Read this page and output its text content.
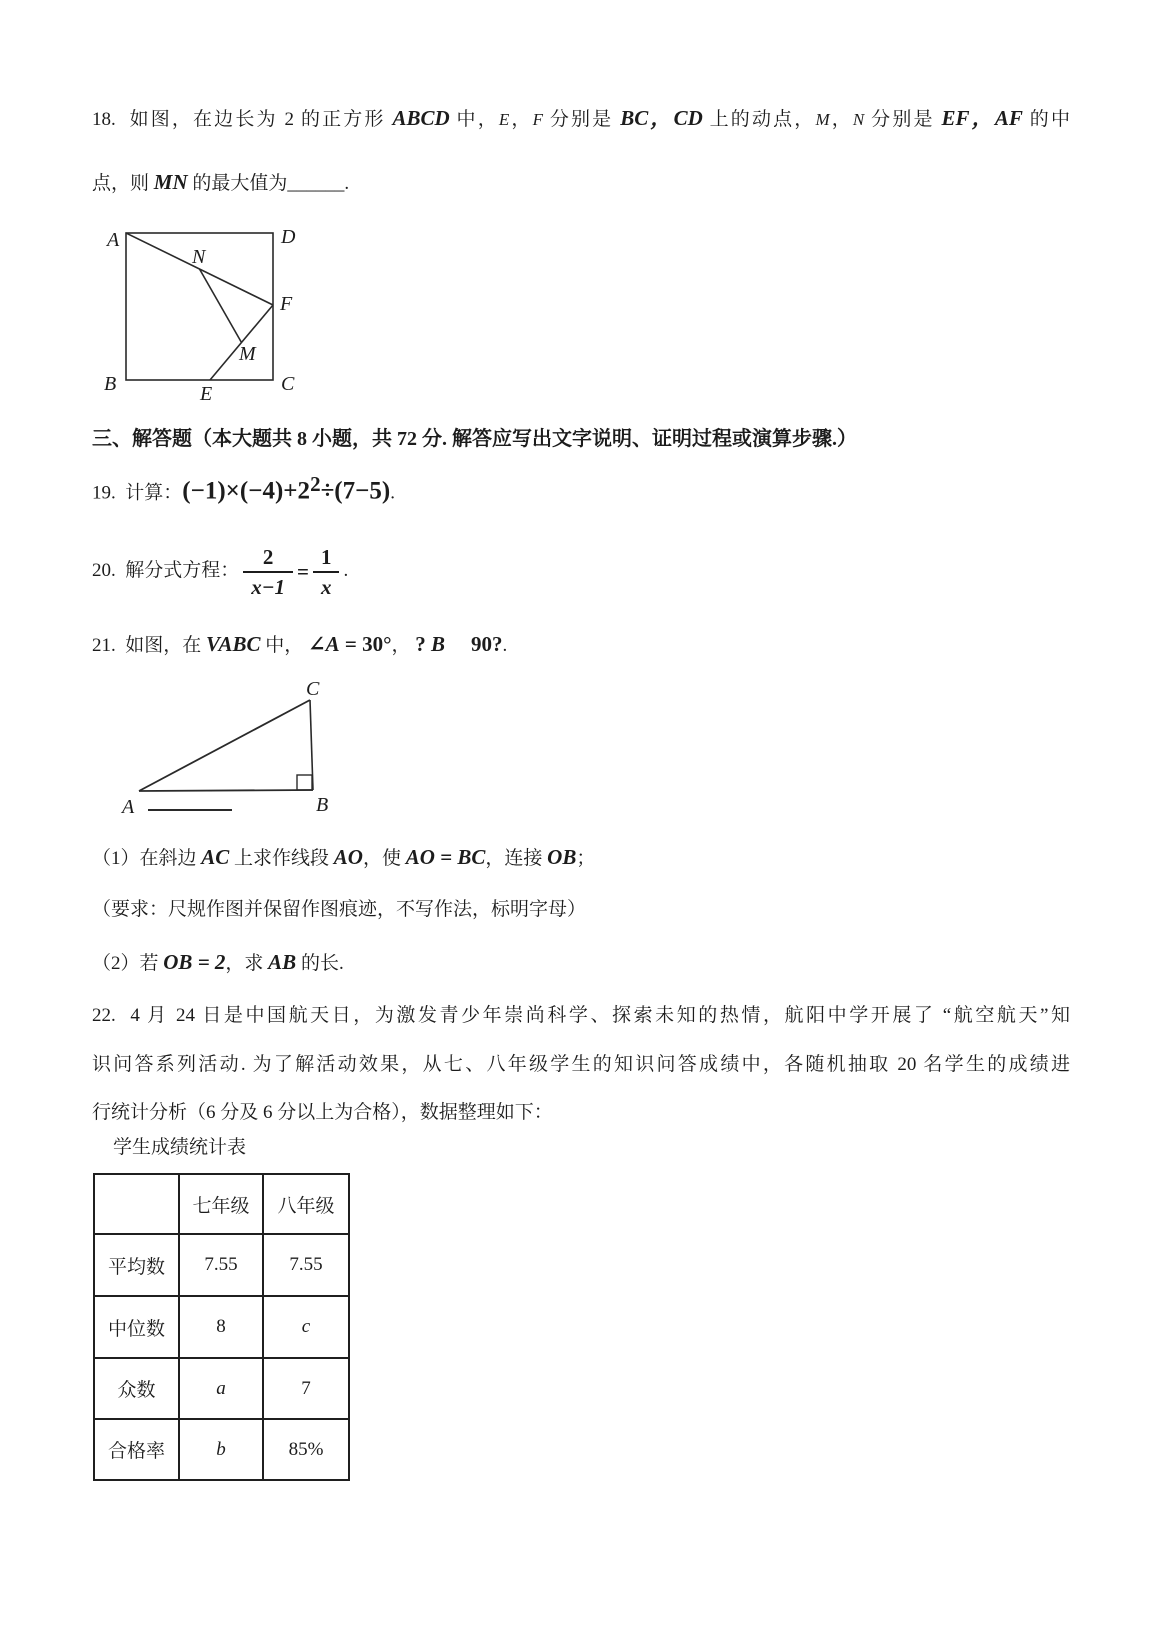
18. 如图，在边长为 2 的正方形 ABCD 中，E，F 分别是 BC，CD 上的动点，M，N 分别是 EF，AF 的中
点，则 MN 的最大值为______.
A	D
B	C
N
F
M
E
三、解答题（本大题共 8 小题，共 72 分. 解答应写出文字说明、证明过程或演算步骤.）
19. 计算：$(-1)\times(-4)+2^2\div(7-5)$.
20. 解分式方程： $\frac{2}{x-1} = \frac{1}{x}$ .
21. 如图，在 VABC 中， ∠A = 30°， ? B 90?.
C
A	B
（1）在斜边 AC 上求作线段 AO，使 AO = BC，连接 OB；
（要求：尺规作图并保留作图痕迹，不写作法，标明字母）
（2）若 OB = 2，求 AB 的长.
22. 4 月 24 日是中国航天日，为激发青少年崇尚科学、探索未知的热情，航阳中学开展了 “航空航天”知
识问答系列活动. 为了解活动效果，从七、八年级学生的知识问答成绩中，各随机抽取 20 名学生的成绩进
行统计分析（6 分及 6 分以上为合格），数据整理如下：
学生成绩统计表
	七年级	八年级
平均数	7.55	7.55
中位数	8	c
众数	a	7
合格率	b	85%
